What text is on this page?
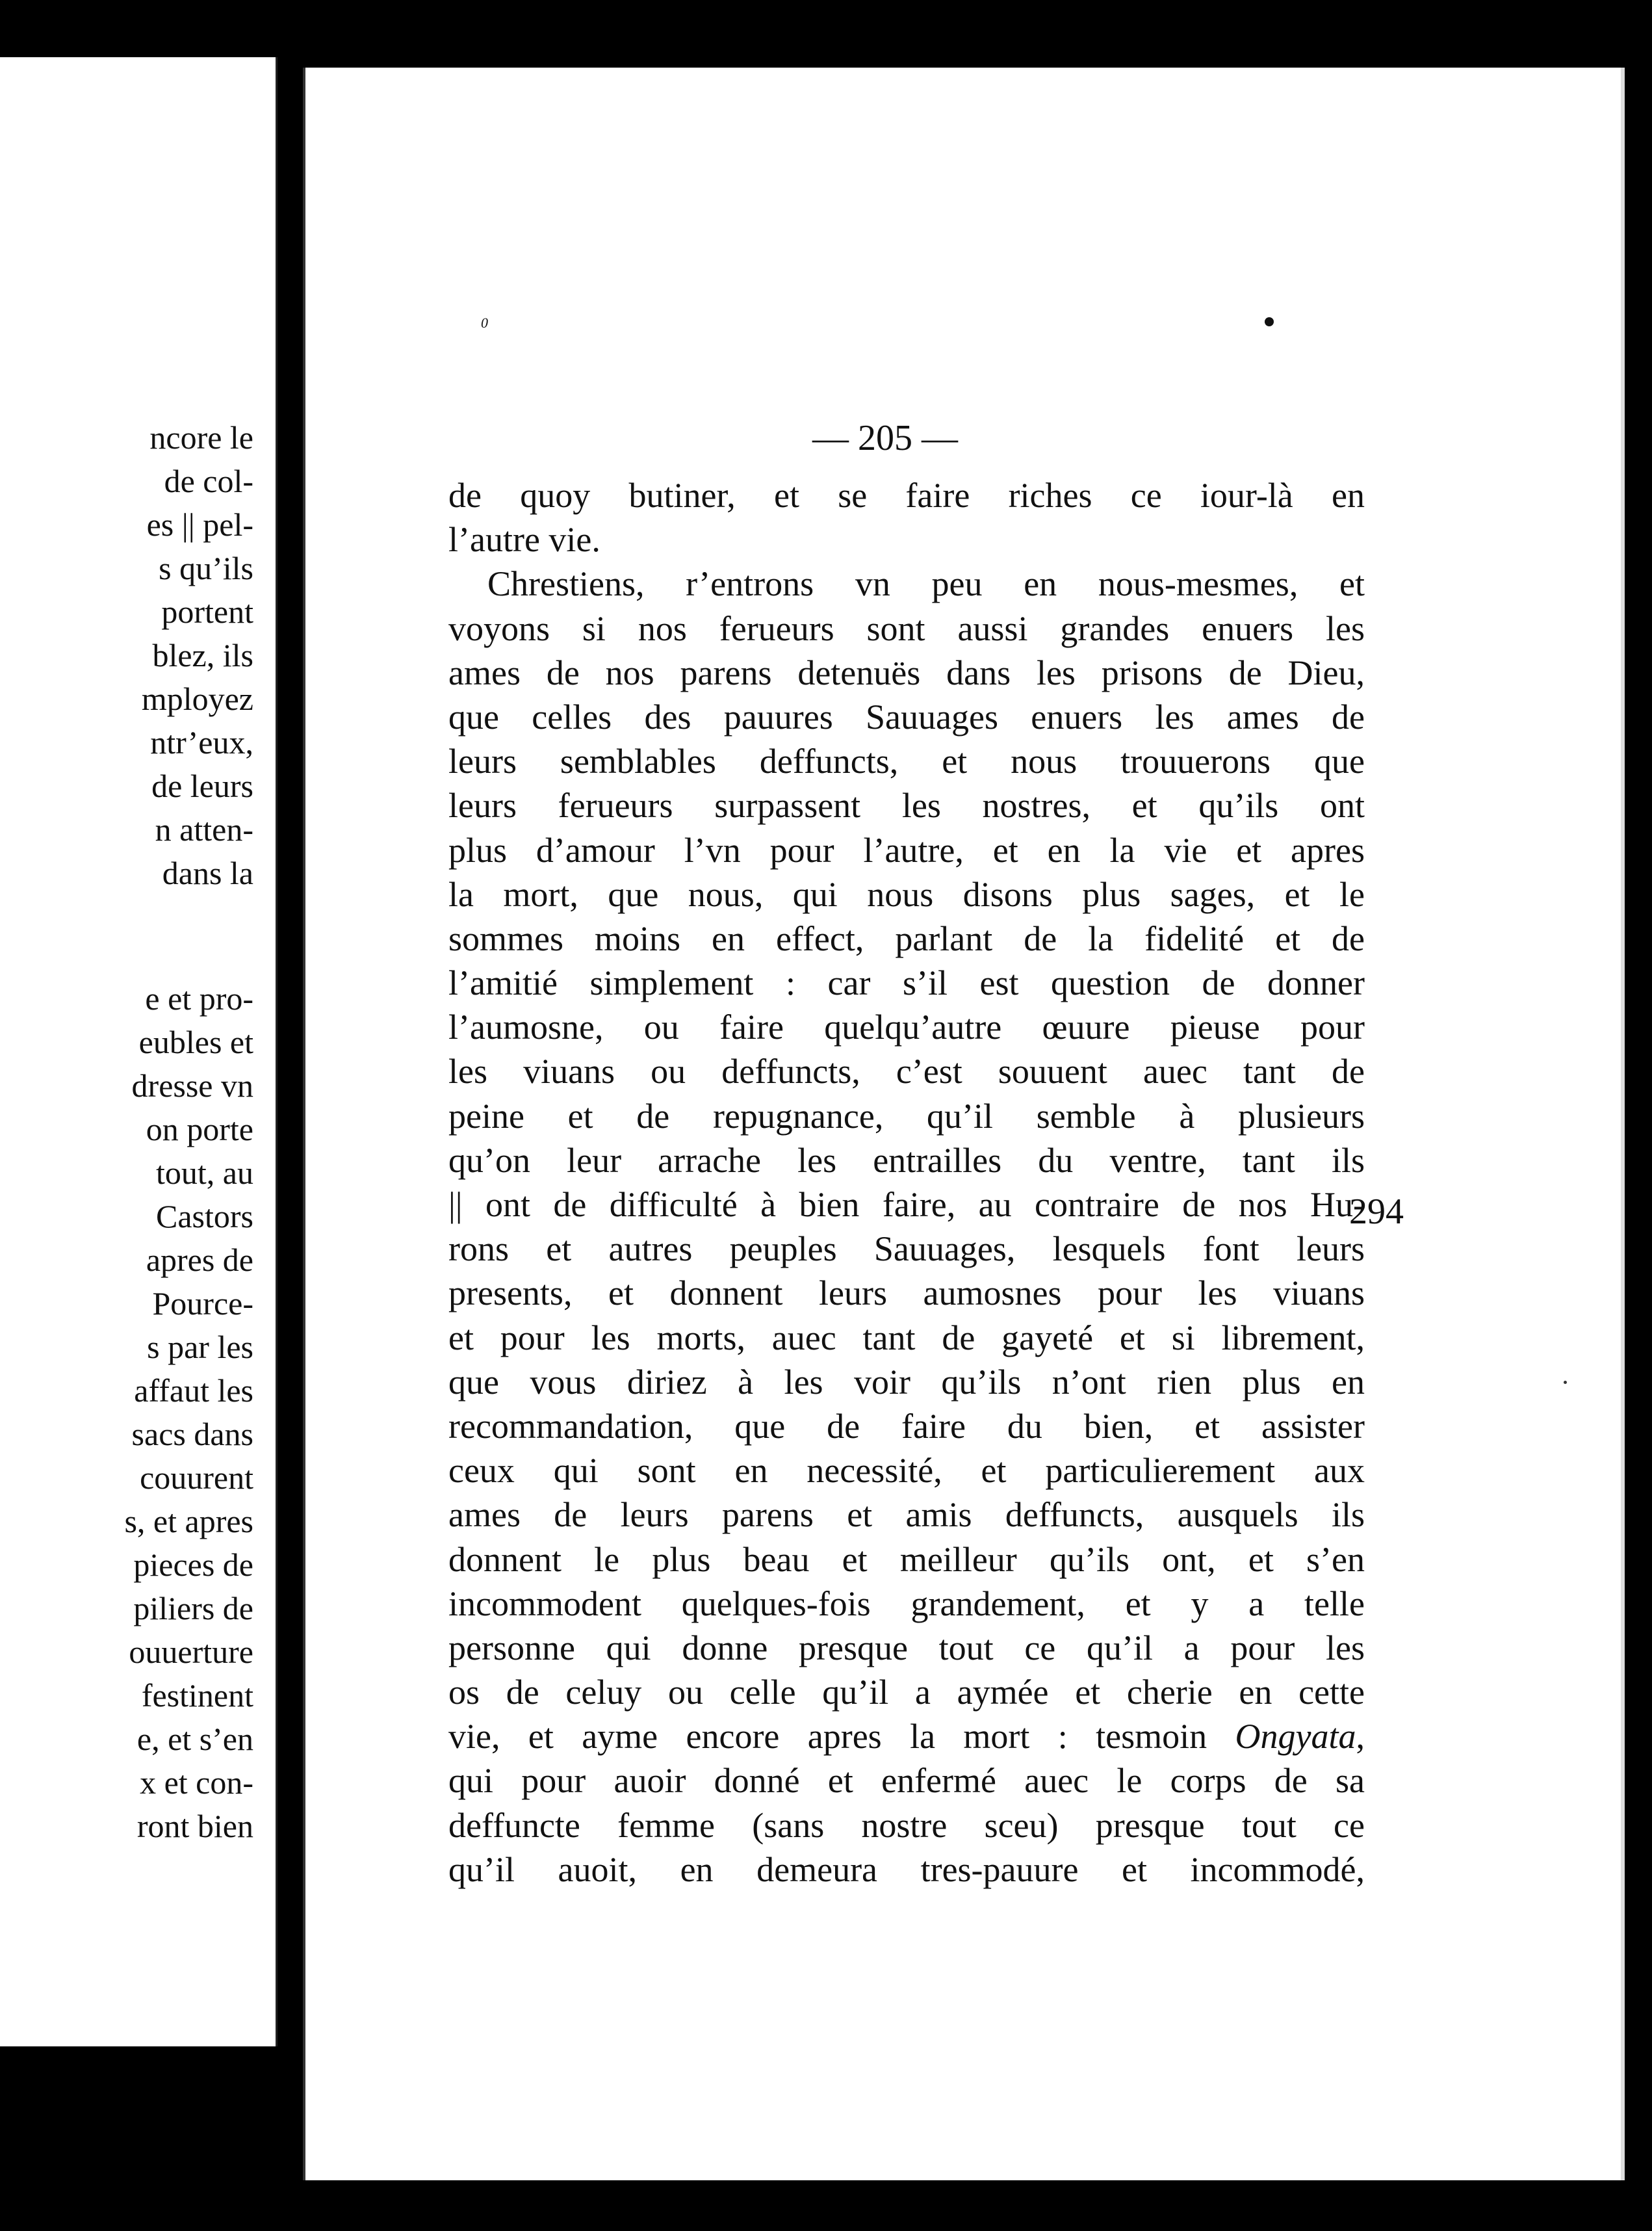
ncore le
de col-
es || pel-
s qu’ils
portent
blez, ils
mployez
ntr’eux,
de leurs
n atten-
dans la
e et pro-
eubles et
dresse vn
on porte
tout, au
Castors
apres de
Pource-
s par les
affaut les
sacs dans
couurent
s, et apres
pieces de
piliers de
ouuerture
festinent
e, et s’en
x et con-
ront bien
0
— 205 —
de quoy butiner, et se faire riches ce iour-là en
l’autre vie.
Chrestiens, r’entrons vn peu en nous-mesmes, et
voyons si nos ferueurs sont aussi grandes enuers les
ames de nos parens detenuës dans les prisons de Dieu,
que celles des pauures Sauuages enuers les ames de
leurs semblables deffuncts, et nous trouuerons que
leurs ferueurs surpassent les nostres, et qu’ils ont
plus d’amour l’vn pour l’autre, et en la vie et apres
la mort, que nous, qui nous disons plus sages, et le
sommes moins en effect, parlant de la fidelité et de
l’amitié simplement : car s’il est question de donner
l’aumosne, ou faire quelqu’autre œuure pieuse pour
les viuans ou deffuncts, c’est souuent auec tant de
peine et de repugnance, qu’il semble à plusieurs
qu’on leur arrache les entrailles du ventre, tant ils
|| ont de difficulté à bien faire, au contraire de nos Hu-
rons et autres peuples Sauuages, lesquels font leurs
presents, et donnent leurs aumosnes pour les viuans
et pour les morts, auec tant de gayeté et si librement,
que vous diriez à les voir qu’ils n’ont rien plus en
recommandation, que de faire du bien, et assister
ceux qui sont en necessité, et particulierement aux
ames de leurs parens et amis deffuncts, ausquels ils
donnent le plus beau et meilleur qu’ils ont, et s’en
incommodent quelques-fois grandement, et y a telle
personne qui donne presque tout ce qu’il a pour les
os de celuy ou celle qu’il a aymée et cherie en cette
vie, et ayme encore apres la mort : tesmoin Ongyata,
qui pour auoir donné et enfermé auec le corps de sa
deffuncte femme (sans nostre sceu) presque tout ce
qu’il auoit, en demeura tres-pauure et incommodé,
294
